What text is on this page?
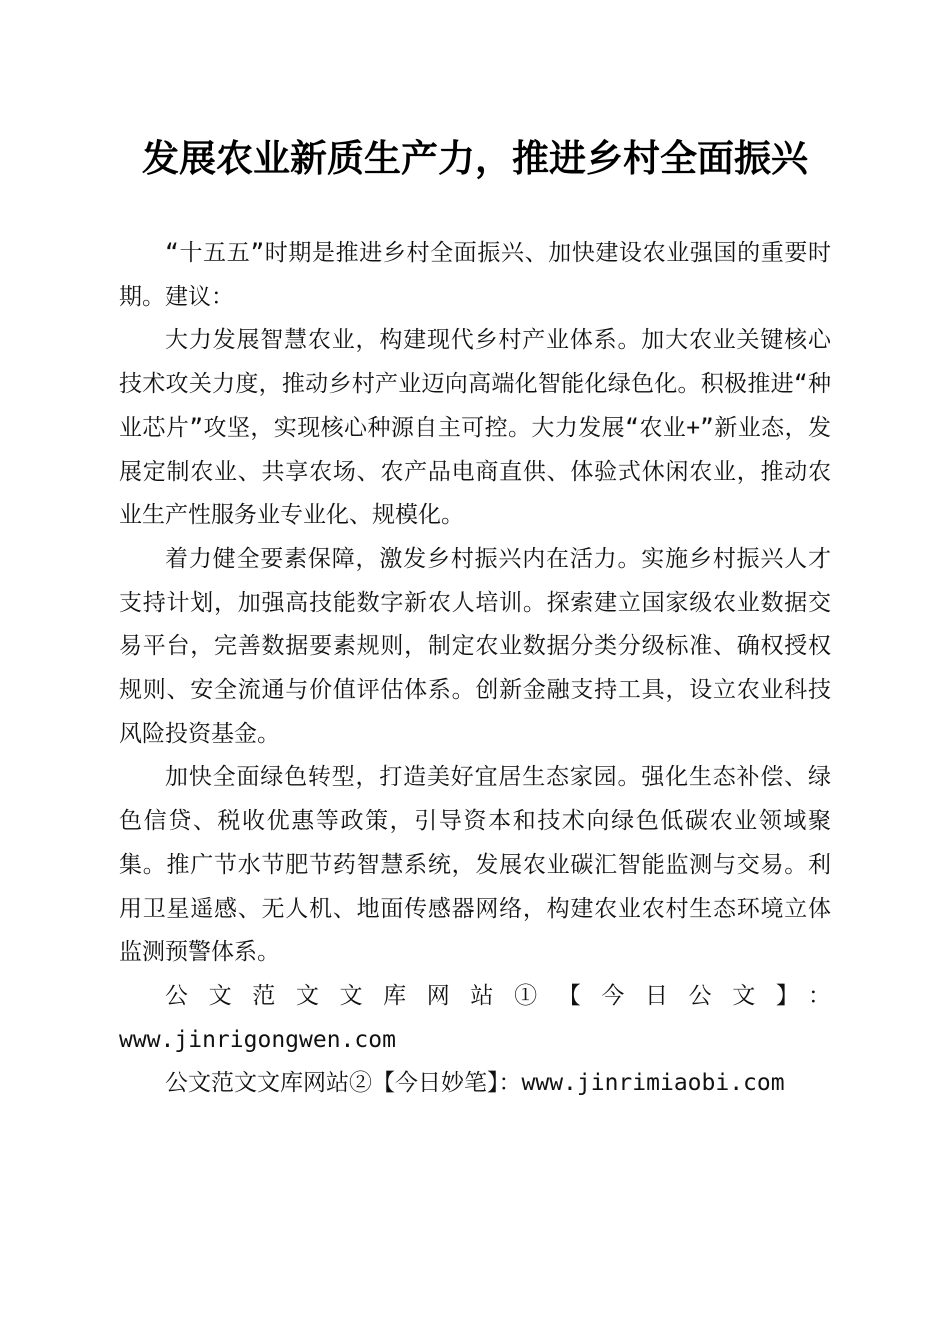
发展农业新质生产力，推进乡村全面振兴

“十五五”时期是推进乡村全面振兴、加快建设农业强国的重要时期。建议：

大力发展智慧农业，构建现代乡村产业体系。加大农业关键核心技术攻关力度，推动乡村产业迈向高端化智能化绿色化。积极推进“种业芯片”攻坚，实现核心种源自主可控。大力发展“农业+”新业态，发展定制农业、共享农场、农产品电商直供、体验式休闲农业，推动农业生产性服务业专业化、规模化。

着力健全要素保障，激发乡村振兴内在活力。实施乡村振兴人才支持计划，加强高技能数字新农人培训。探索建立国家级农业数据交易平台，完善数据要素规则，制定农业数据分类分级标准、确权授权规则、安全流通与价值评估体系。创新金融支持工具，设立农业科技风险投资基金。

加快全面绿色转型，打造美好宜居生态家园。强化生态补偿、绿色信贷、税收优惠等政策，引导资本和技术向绿色低碳农业领域聚集。推广节水节肥节药智慧系统，发展农业碳汇智能监测与交易。利用卫星遥感、无人机、地面传感器网络，构建农业农村生态环境立体监测预警体系。

公文范文文库网站①【今日公文】：
www.jinrigongwen.com
公文范文文库网站②【今日妙笔】：www.jinrimiaobi.com
